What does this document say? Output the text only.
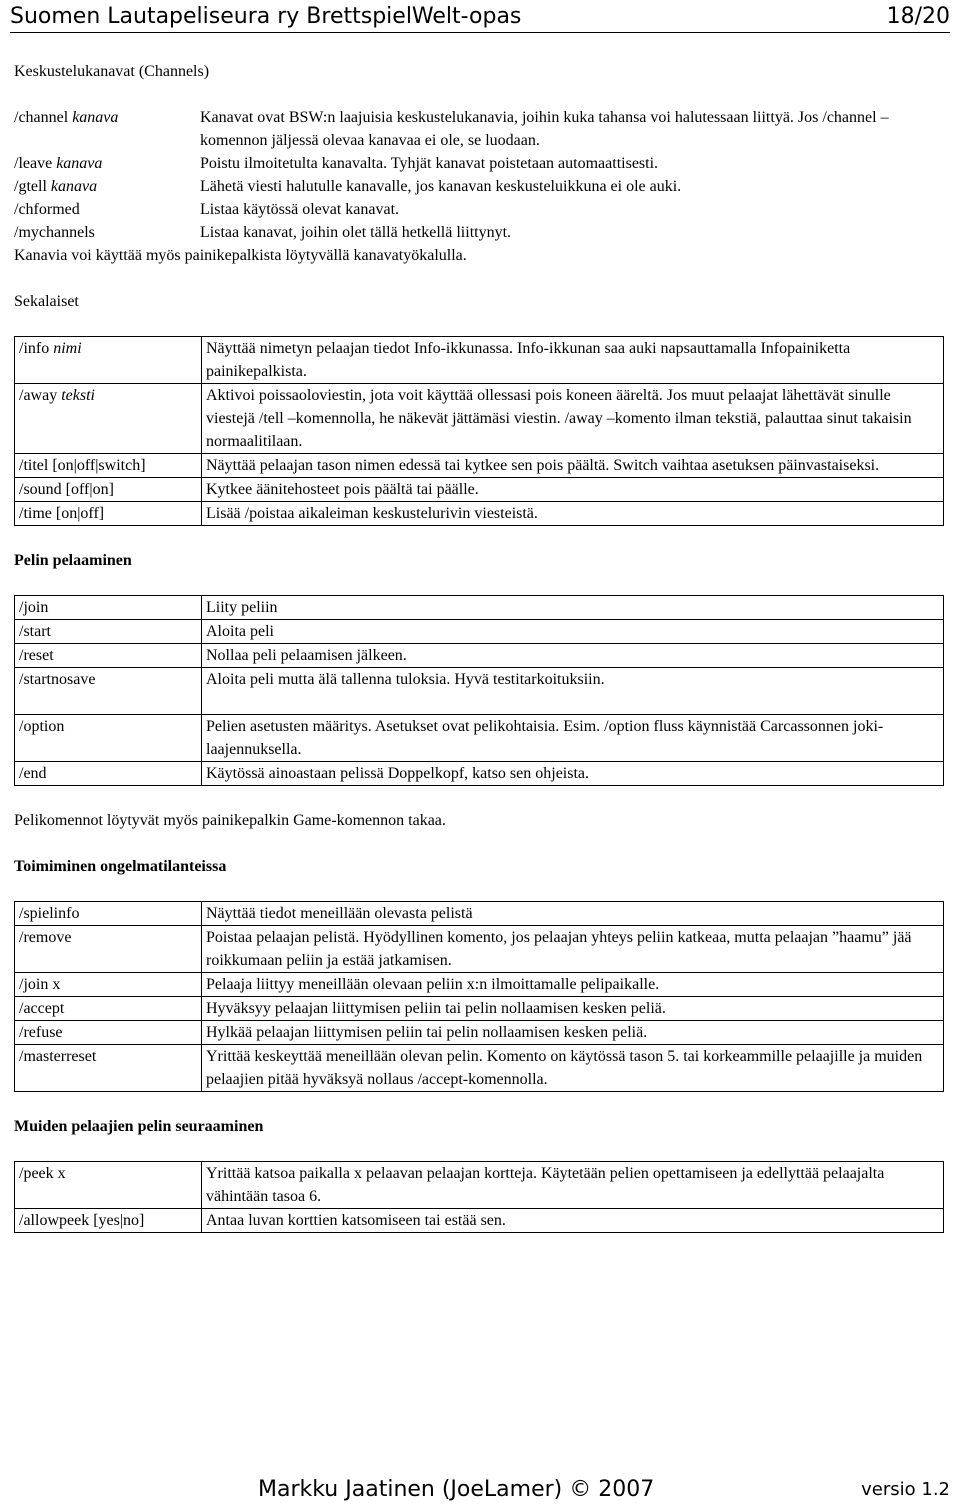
Suomen Lautapeliseura ry BrettspielWelt-opas	18/20
Keskustelukanavat (Channels)
/channel kanava	Kanavat ovat BSW:n laajuisia keskustelukanavia, joihin kuka tahansa voi halutessaan liittyä. Jos /channel –komennon jäljessä olevaa kanavaa ei ole, se luodaan.
/leave kanava	Poistu ilmoitetulta kanavalta. Tyhjät kanavat poistetaan automaattisesti.
/gtell kanava	Lähetä viesti halutulle kanavalle, jos kanavan keskusteluikkuna ei ole auki.
/chformed	Listaa käytössä olevat kanavat.
/mychannels	Listaa kanavat, joihin olet tällä hetkellä liittynyt.

Kanavia voi käyttää myös painikepalkista löytyvällä kanavatyökalulla.

Sekalaiset
/info nimi	Näyttää nimetyn pelaajan tiedot Info-ikkunassa. Info-ikkunan saa auki napsauttamalla Infopainiketta painikepalkista.
/away teksti	Aktivoi poissaoloviestin, jota voit käyttää ollessasi pois koneen ääreltä. Jos muut pelaajat lähettävät sinulle viestejä /tell –komennolla, he näkevät jättämäsi viestin. /away –komento ilman tekstiä, palauttaa sinut takaisin normaalitilaan.
/titel [on|off|switch]	Näyttää pelaajan tason nimen edessä tai kytkee sen pois päältä. Switch vaihtaa asetuksen päinvastaiseksi.
/sound [off|on]	Kytkee äänitehosteet pois päältä tai päälle.
/time [on|off]	Lisää /poistaa aikaleiman keskustelurivin viesteistä.
Pelin pelaaminen
/join	Liity peliin
/start	Aloita peli
/reset	Nollaa peli pelaamisen jälkeen.
/startnosave	Aloita peli mutta älä tallenna tuloksia. Hyvä testitarkoituksiin.
/option	Pelien asetusten määritys. Asetukset ovat pelikohtaisia. Esim. /option fluss käynnistää Carcassonnen joki-laajennuksella.
/end	Käytössä ainoastaan pelissä Doppelkopf, katso sen ohjeista.

Pelikomennot löytyvät myös painikepalkin Game-komennon takaa.

Toimiminen ongelmatilanteissa
/spielinfo	Näyttää tiedot meneillään olevasta pelistä
/remove	Poistaa pelaajan pelistä. Hyödyllinen komento, jos pelaajan yhteys peliin katkeaa, mutta pelaajan ”haamu” jää roikkumaan peliin ja estää jatkamisen.
/join x	Pelaaja liittyy meneillään olevaan peliin x:n ilmoittamalle pelipaikalle.
/accept	Hyväksyy pelaajan liittymisen peliin tai pelin nollaamisen kesken peliä.
/refuse	Hylkää pelaajan liittymisen peliin tai pelin nollaamisen kesken peliä.
/masterreset	Yrittää keskeyttää meneillään olevan pelin. Komento on käytössä tason 5. tai korkeammille pelaajille ja muiden pelaajien pitää hyväksyä nollaus /accept-komennolla.
Muiden pelaajien pelin seuraaminen
/peek x	Yrittää katsoa paikalla x pelaavan pelaajan kortteja. Käytetään pelien opettamiseen ja edellyttää pelaajalta vähintään tasoa 6.
/allowpeek [yes|no]	Antaa luvan korttien katsomiseen tai estää sen.
Markku Jaatinen (JoeLamer) © 2007	versio 1.2
